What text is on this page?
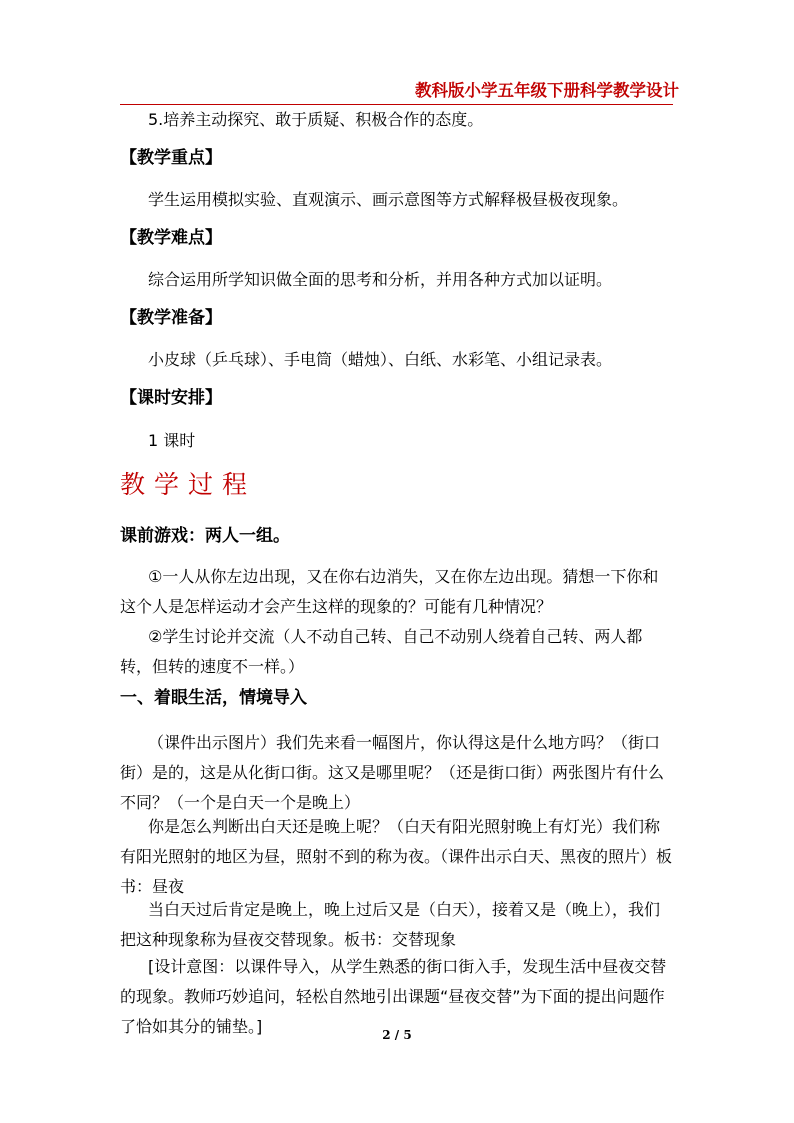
教科版小学五年级下册科学教学设计
5.培养主动探究、敢于质疑、积极合作的态度。
【教学重点】
学生运用模拟实验、直观演示、画示意图等方式解释极昼极夜现象。
【教学难点】
综合运用所学知识做全面的思考和分析，并用各种方式加以证明。
【教学准备】
小皮球（乒乓球）、手电筒（蜡烛）、白纸、水彩笔、小组记录表。
【课时安排】
1 课时
教学过程
课前游戏：两人一组。
①一人从你左边出现，又在你右边消失，又在你左边出现。猜想一下你和这个人是怎样运动才会产生这样的现象的？可能有几种情况？
②学生讨论并交流（人不动自己转、自己不动别人绕着自己转、两人都转，但转的速度不一样。）
一、着眼生活，情境导入
（课件出示图片）我们先来看一幅图片，你认得这是什么地方吗？（街口街）是的，这是从化街口街。这又是哪里呢？（还是街口街）两张图片有什么不同？（一个是白天一个是晚上）
你是怎么判断出白天还是晚上呢？（白天有阳光照射晚上有灯光）我们称有阳光照射的地区为昼，照射不到的称为夜。（课件出示白天、黑夜的照片）板书：昼夜
当白天过后肯定是晚上，晚上过后又是（白天），接着又是（晚上），我们把这种现象称为昼夜交替现象。板书：交替现象
[设计意图：以课件导入，从学生熟悉的街口街入手，发现生活中昼夜交替的现象。教师巧妙追问，轻松自然地引出课题“昼夜交替”为下面的提出问题作了恰如其分的铺垫。]	2 / 5
